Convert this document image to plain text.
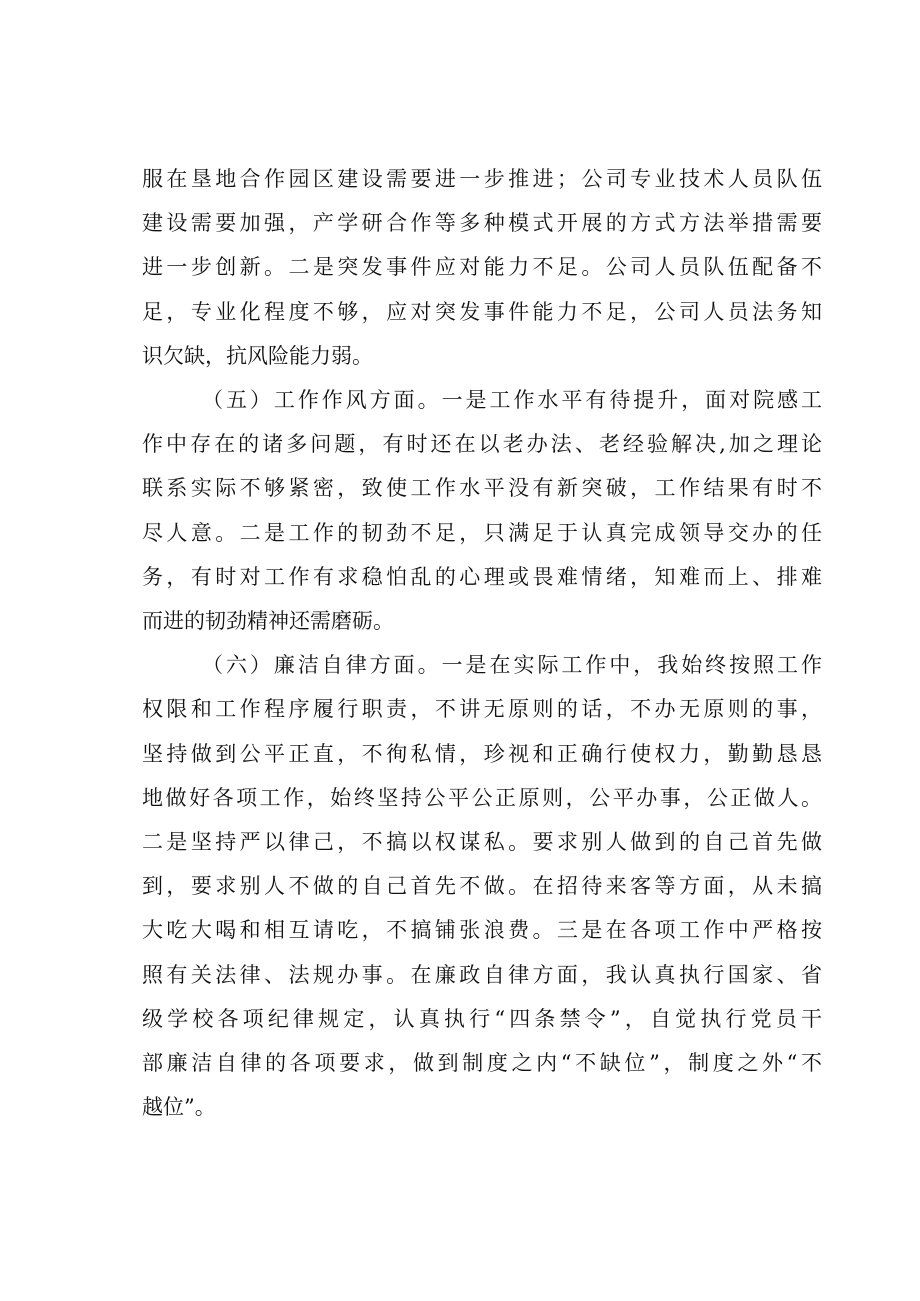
服在垦地合作园区建设需要进一步推进；公司专业技术人员队伍
建设需要加强，产学研合作等多种模式开展的方式方法举措需要
进一步创新。二是突发事件应对能力不足。公司人员队伍配备不
足，专业化程度不够，应对突发事件能力不足，公司人员法务知
识欠缺，抗风险能力弱。

（五）工作作风方面。一是工作水平有待提升，面对院感工
作中存在的诸多问题，有时还在以老办法、老经验解决,加之理论
联系实际不够紧密，致使工作水平没有新突破，工作结果有时不
尽人意。二是工作的韧劲不足，只满足于认真完成领导交办的任
务，有时对工作有求稳怕乱的心理或畏难情绪，知难而上、排难
而进的韧劲精神还需磨砺。

（六）廉洁自律方面。一是在实际工作中，我始终按照工作
权限和工作程序履行职责，不讲无原则的话，不办无原则的事，
坚持做到公平正直，不徇私情，珍视和正确行使权力，勤勤恳恳
地做好各项工作，始终坚持公平公正原则，公平办事，公正做人。
二是坚持严以律己，不搞以权谋私。要求别人做到的自己首先做
到，要求别人不做的自己首先不做。在招待来客等方面，从未搞
大吃大喝和相互请吃，不搞铺张浪费。三是在各项工作中严格按
照有关法律、法规办事。在廉政自律方面，我认真执行国家、省
级学校各项纪律规定，认真执行“四条禁令”，自觉执行党员干
部廉洁自律的各项要求，做到制度之内“不缺位”，制度之外“不
越位”。
